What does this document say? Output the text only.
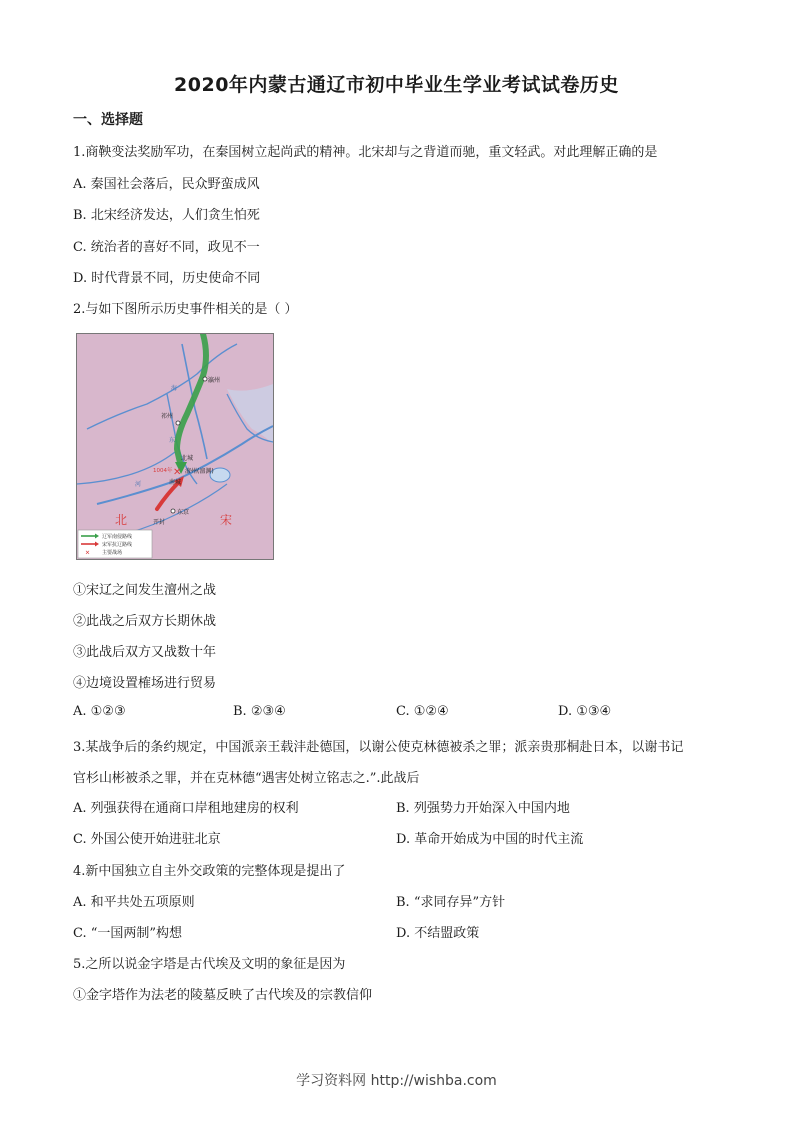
2020年内蒙古通辽市初中毕业生学业考试试卷历史
一、选择题
1.商鞅变法奖励军功，在秦国树立起尚武的精神。北宋却与之背道而驰，重文轻武。对此理解正确的是
A. 秦国社会落后，民众野蛮成风
B. 北宋经济发达，人们贪生怕死
C. 统治者的喜好不同，政见不一
D. 时代背景不同，历史使命不同
2.与如下图所示历史事件相关的是（ ）
✕
瀛州
祁州
北城
1004年 澶州(澶渊)
南城
东京
开封
海
河
东
北	宋
辽军南侵路线
宋军抗辽路线
✕ 主要战场
①宋辽之间发生澶州之战
②此战之后双方长期休战
③此战后双方又战数十年
④边境设置榷场进行贸易
A. ①②③	B. ②③④	C. ①②④	D. ①③④
3.某战争后的条约规定，中国派亲王载沣赴德国，以谢公使克林德被杀之罪；派亲贵那桐赴日本，以谢书记
官杉山彬被杀之罪，并在克林德“遇害处树立铭志之.”.此战后
A. 列强获得在通商口岸租地建房的权利	B. 列强势力开始深入中国内地
C. 外国公使开始进驻北京	D. 革命开始成为中国的时代主流
4.新中国独立自主外交政策的完整体现是提出了
A. 和平共处五项原则	B. “求同存异”方针
C. “一国两制”构想	D. 不结盟政策
5.之所以说金字塔是古代埃及文明的象征是因为
①金字塔作为法老的陵墓反映了古代埃及的宗教信仰
学习资料网 http://wishba.com
